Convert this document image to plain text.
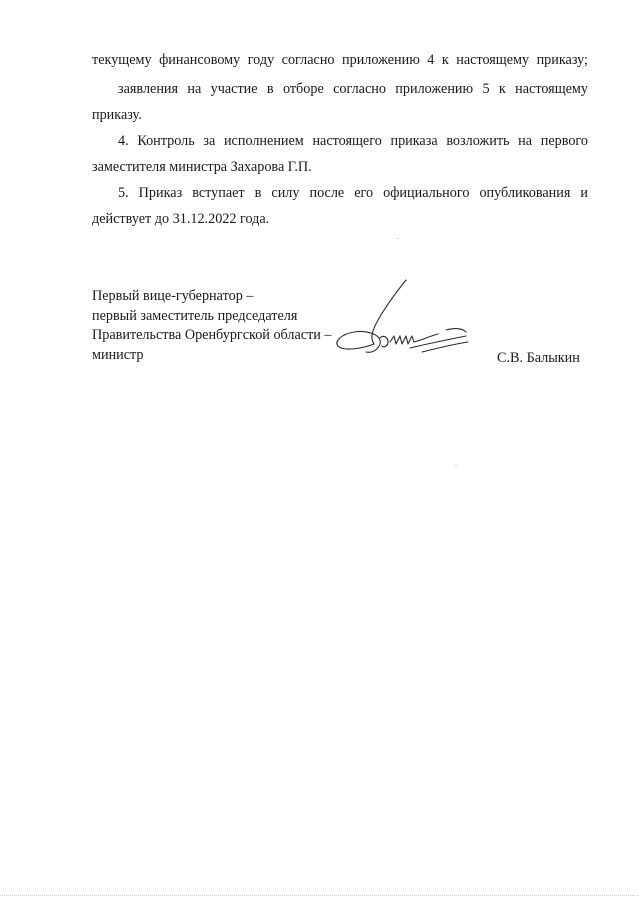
текущему финансовому году согласно приложению 4 к настоящему приказу;

заявления на участие в отборе согласно приложению 5 к настоящему
приказу.

4. Контроль за исполнением настоящего приказа возложить на первого
заместителя министра Захарова Г.П.

5. Приказ вступает в силу после его официального опубликования и
действует до 31.12.2022 года.

Первый вице-губернатор –
первый заместитель председателя
Правительства Оренбургской области –
министр	С.В. Балыкин
